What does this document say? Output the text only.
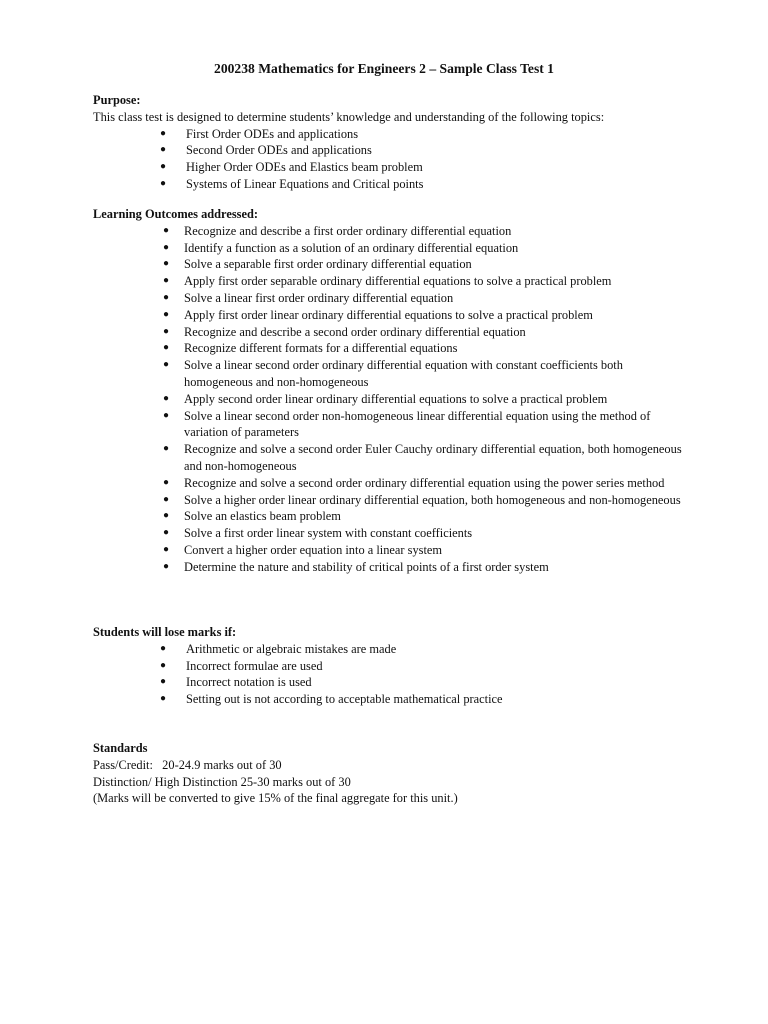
200238 Mathematics for Engineers 2 – Sample Class Test 1

Purpose:

This class test is designed to determine students’ knowledge and understanding of the following topics:

● First Order ODEs and applications
● Second Order ODEs and applications
● Higher Order ODEs and Elastics beam problem
● Systems of Linear Equations and Critical points

Learning Outcomes addressed:

● Recognize and describe a first order ordinary differential equation
● Identify a function as a solution of an ordinary differential equation
● Solve a separable first order ordinary differential equation
● Apply first order separable ordinary differential equations to solve a practical problem
● Solve a linear first order ordinary differential equation
● Apply first order linear ordinary differential equations to solve a practical problem
● Recognize and describe a second order ordinary differential equation
● Recognize different formats for a differential equations
● Solve a linear second order ordinary differential equation with constant coefficients both homogeneous and non-homogeneous
● Apply second order linear ordinary differential equations to solve a practical problem
● Solve a linear second order non-homogeneous linear differential equation using the method of variation of parameters
● Recognize and solve a second order Euler Cauchy ordinary differential equation, both homogeneous and non-homogeneous
● Recognize and solve a second order ordinary differential equation using the power series method
● Solve a higher order linear ordinary differential equation, both homogeneous and non-homogeneous
● Solve an elastics beam problem
● Solve a first order linear system with constant coefficients
● Convert a higher order equation into a linear system
● Determine the nature and stability of critical points of a first order system

Students will lose marks if:

● Arithmetic or algebraic mistakes are made
● Incorrect formulae are used
● Incorrect notation is used
● Setting out is not according to acceptable mathematical practice

Standards

Pass/Credit:   20-24.9 marks out of 30

Distinction/ High Distinction 25-30 marks out of 30

(Marks will be converted to give 15% of the final aggregate for this unit.)
